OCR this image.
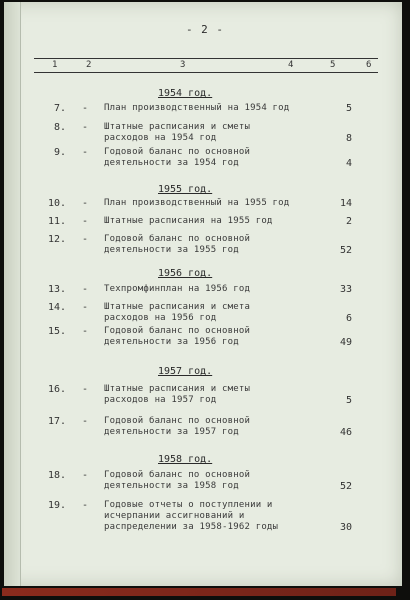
- 2 -
1	2	3	4	5	6
1954 год.
7. - План производственный на 1954 год	5
8. - Штатные расписания и сметы расходов на 1954 год	8
9. - Годовой баланс по основной деятельности за 1954 год	4
1955 год.
10. - План производственный на 1955 год	14
11. - Штатные расписания на 1955 год	2
12. - Годовой баланс по основной деятельности за 1955 год	52
1956 год.
13. - Техпромфинплан на 1956 год	33
14. - Штатные расписания и смета расходов на 1956 год	6
15. - Годовой баланс по основной деятельности за 1956 год	49
1957 год.
16. - Штатные расписания и сметы расходов на 1957 год	5
17. - Годовой баланс по основной деятельности за 1957 год	46
1958 год.
18. - Годовой баланс по основной деятельности за 1958 год	52
19. - Годовые отчеты о поступлении и исчерпании ассигнований и распределении за 1958-1962 годы	30
